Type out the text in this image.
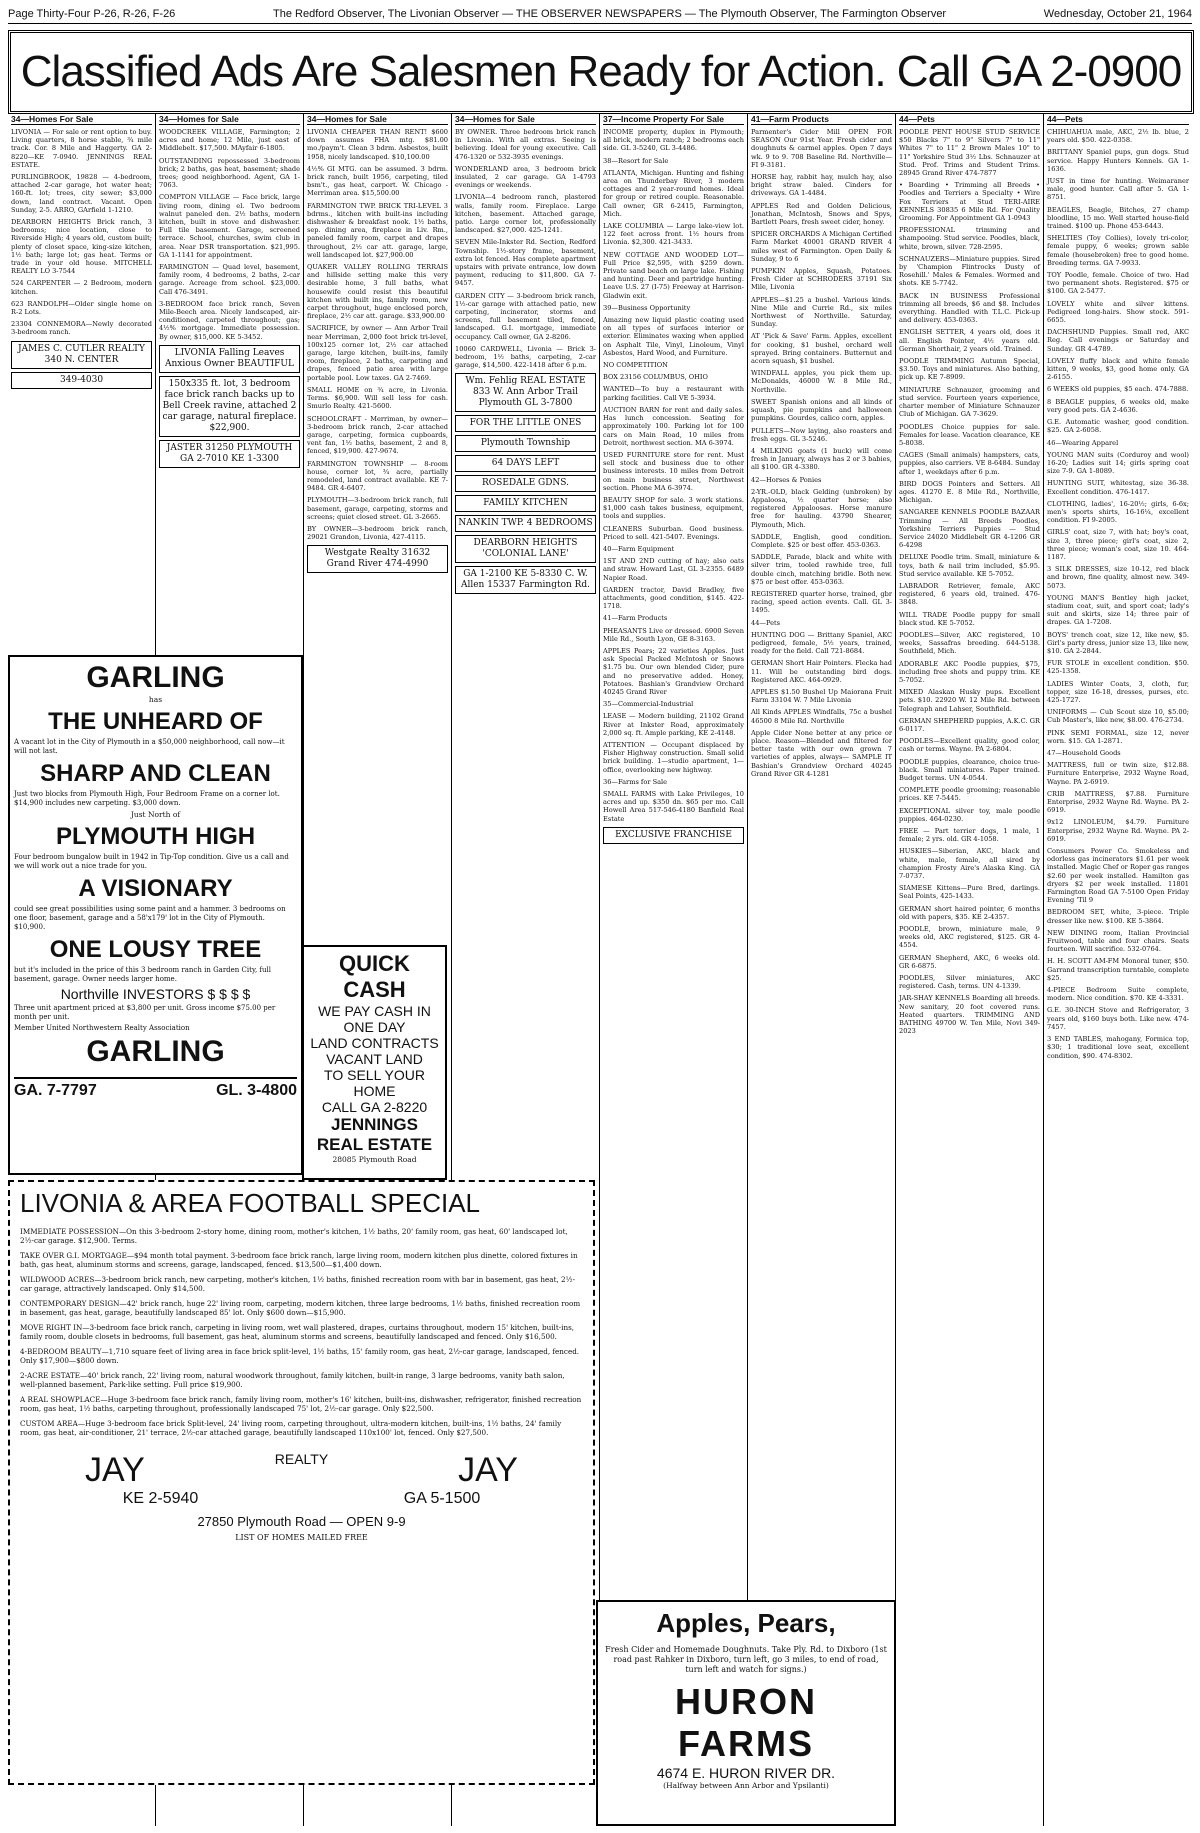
Page Thirty-Four P-26, R-26, F-26	The Redford Observer, The Livonian Observer — THE OBSERVER NEWSPAPERS — The Plymouth Observer, The Farmington Observer	Wednesday, October 21, 1964
Classified Ads Are Salesmen Ready for Action. Call GA 2-0900
34—Homes For Sale
LIVONIA — For sale or rent option to buy. Living quarters, 8 horse stable, ¾ mile track. Cor. 8 Mile and Haggerty. GA 2-8220—KE 7-0940. JENNINGS REAL ESTATE.
PURLINGBROOK, 19828 — 4-bedroom, attached 2-car garage, hot water heat; 160-ft. lot; trees, city sewer; $3,000 down, land contract. Vacant. Open Sunday, 2-5. ARRO, GArfield 1-1210.
DEARBORN HEIGHTS Brick ranch, 3 bedrooms; nice location, close to Riverside High; 4 years old, custom built; plenty of closet space, king-size kitchen, 1½ bath; large lot; gas heat. Terms or trade in your old house. MITCHELL REALTY LO 3-7544
524 CARPENTER — 2 Bedroom, modern kitchen.
623 RANDOLPH—Older single home on R-2 Lots.
23304 CONNEMORA—Newly decorated 3-bedroom ranch.
JAMES C. CUTLER REALTY 340 N. CENTER
349-4030
34—Homes for Sale
WOODCREEK VILLAGE, Farmington; 2 acres and home; 12 Mile, just east of Middlebelt. $17,500. MAyfair 6-1805.
OUTSTANDING repossessed 3-bedroom brick; 2 baths, gas heat, basement; shade trees; good neighborhood. Agent, GA 1-7063.
COMPTON VILLAGE — Face brick, large living room, dining el. Two bedroom walnut paneled den. 2½ baths, modern kitchen, built in stove and dishwasher. Full tile basement. Garage, screened terrace. School, churches, swim club in area. Near DSR transportation. $21,995. GA 1-1141 for appointment.
FARMINGTON — Quad level, basement, family room, 4 bedrooms, 2 baths, 2-car garage. Acreage from school. $23,000. Call 476-3491.
3-BEDROOM face brick ranch, Seven Mile-Beech area. Nicely landscaped, air-conditioned, carpeted throughout; gas; 4½% mortgage. Immediate possession. By owner, $15,000. KE 5-3452.
LIVONIA Falling Leaves Anxious Owner BEAUTIFUL
150x335 ft. lot, 3 bedroom face brick ranch backs up to Bell Creek ravine, attached 2 car garage, natural fireplace. $22,900.
JASTER 31250 PLYMOUTH GA 2-7010 KE 1-3300
34—Homes for Sale
LIVONIA CHEAPER THAN RENT! $600 down assumes FHA mtg. $81.00 mo./paym't. Clean 3 bdrm. Asbestos, built 1958, nicely landscaped. $10,100.00
4½% GI MTG. can be assumed. 3 bdrm. brick ranch, built 1956, carpeting, tiled bsm't., gas heat, carport. W. Chicago - Merriman area. $15,500.00
FARMINGTON TWP. BRICK TRI-LEVEL 3 bdrms., kitchen with built-ins including dishwasher & breakfast nook. 1½ baths, sep. dining area, fireplace in Liv. Rm., paneled family room, carpet and drapes throughout, 2½ car att. garage, large, well landscaped lot. $27,900.00
QUAKER VALLEY ROLLING TERRAIS and hillside setting make this very desirable home, 3 full baths, what housewife could resist this beautiful kitchen with built ins, family room, new carpet throughout, huge enclosed porch, fireplace, 2½ car att. garage. $33,900.00
SACRIFICE, by owner — Ann Arbor Trail near Merriman, 2,000 foot brick tri-level, 100x125 corner lot, 2½ car attached garage, large kitchen, built-ins, family room, fireplace, 2 baths, carpeting and drapes, fenced patio area with large portable pool. Low taxes. GA 2-7469.
SMALL HOME on ¾ acre, in Livonia. Terms. $6,900. Will sell less for cash. Smurlo Realty. 421-5600.
SCHOOLCRAFT - Merriman, by owner—3-bedroom brick ranch, 2-car attached garage, carpeting, formica cupboards, vent fan, 1½ baths, basement, 2 and 8, fenced, $19,900. 427-9674.
FARMINGTON TOWNSHIP — 8-room house, corner lot, ¾ acre, partially remodeled, land contract available. KE 7-9484. GR 4-6407.
PLYMOUTH—3-bedroom brick ranch, full basement, garage, carpeting, storms and screens; quiet closed street. GL 3-2665.
BY OWNER—3-bedroom brick ranch, 29021 Grandon, Livonia, 427-4115.
Westgate Realty 31632 Grand River 474-4990
34—Homes for Sale
BY OWNER. Three bedroom brick ranch in Livonia. With all extras. Seeing is believing. Ideal for young executive. Call 476-1320 or 532-3935 evenings.
WONDERLAND area, 3 bedroom brick insulated, 2 car garage. GA 1-4793 evenings or weekends.
LIVONIA—4 bedroom ranch, plastered walls, family room. Fireplace. Large kitchen, basement. Attached garage, patio. Large corner lot, professionally landscaped. $27,000. 425-1241.
SEVEN Mile-Inkster Rd. Section, Redford Township. 1½-story frame, basement, extra lot fenced. Has complete apartment upstairs with private entrance, low down payment, reducing to $11,800. GA 7-9457.
GARDEN CITY — 3-bedroom brick ranch, 1½-car garage with attached patio, new carpeting, incinerator, storms and screens, full basement tiled, fenced, landscaped. G.I. mortgage, immediate occupancy. Call owner, GA 2-8206.
10060 CARDWELL, Livonia — Brick 3-bedroom, 1½ baths, carpeting, 2-car garage, $14,500. 422-1418 after 6 p.m.
Wm. Fehlig REAL ESTATE 833 W. Ann Arbor Trail Plymouth GL 3-7800
FOR THE LITTLE ONES
Plymouth Township
64 DAYS LEFT
ROSEDALE GDNS.
FAMILY KITCHEN
NANKIN TWP. 4 BEDROOMS
DEARBORN HEIGHTS 'COLONIAL LANE'
GA 1-2100 KE 5-8330 C. W. Allen 15337 Farmington Rd.
37—Income Property For Sale
INCOME property, duplex in Plymouth; all brick, modern ranch; 2 bedrooms each side. GL 3-5240, GL 3-4486.
38—Resort for Sale
ATLANTA, Michigan. Hunting and fishing area on Thunderbay River, 3 modern cottages and 2 year-round homes. Ideal for group or retired couple. Reasonable. Call owner, GR 6-2415, Farmington, Mich.
LAKE COLUMBIA — Large lake-view lot. 122 feet across front. 1½ hours from Livonia. $2,300. 421-3433.
NEW COTTAGE AND WOODED LOT—Full Price $2,595, with $259 down. Private sand beach on large lake. Fishing and hunting. Deer and partridge hunting. Leave U.S. 27 (I-75) Freeway at Harrison-Gladwin exit.
39—Business Opportunity
Amazing new liquid plastic coating used on all types of surfaces interior or exterior. Eliminates waxing when applied on Asphalt Tile, Vinyl, Linoleum, Vinyl Asbestos, Hard Wood, and Furniture.
NO COMPETITION
BOX 23156 COLUMBUS, OHIO
WANTED—To buy a restaurant with parking facilities. Call VE 5-3934.
AUCTION BARN for rent and daily sales. Has lunch concession. Seating for approximately 100. Parking lot for 100 cars on Main Road, 10 miles from Detroit, northwest section. MA 6-3974.
USED FURNITURE store for rent. Must sell stock and business due to other business interests. 10 miles from Detroit on main business street, Northwest section. Phone MA 6-3974.
BEAUTY SHOP for sale. 3 work stations. $1,000 cash takes business, equipment, tools and supplies.
CLEANERS Suburban. Good business. Priced to sell. 421-5407. Evenings.
40—Farm Equipment
1ST AND 2ND cutting of hay; also oats and straw. Howard Last, GL 3-2355. 6489 Napier Road.
GARDEN tractor, David Bradley, five attachments, good condition, $145. 422-1718.
41—Farm Products
PHEASANTS Live or dressed. 6900 Seven Mile Rd., South Lyon, GE 8-3163.
APPLES Pears; 22 varieties Apples. Just ask Special Packed McIntosh or Snows $1.75 bu. Our own blended Cider, pure and no preservative added. Honey, Potatoes. Bashian's Grandview Orchard 40245 Grand River
35—Commercial-Industrial
LEASE — Modern building, 21102 Grand River at Inkster Road, approximately 2,000 sq. ft. Ample parking, KE 2-4148.
ATTENTION — Occupant displaced by Fisher Highway construction. Small solid brick building. 1—studio apartment, 1—office, overlooking new highway.
36—Farms for Sale
SMALL FARMS with Lake Privileges, 10 acres and up. $350 dn. $65 per mo. Call Howell Area 517-546-4180 Banfield Real Estate
EXCLUSIVE FRANCHISE
41—Farm Products
Parmenter's Cider Mill OPEN FOR SEASON Our 91st Year. Fresh cider and doughnuts & carmel apples. Open 7 days wk. 9 to 9. 708 Baseline Rd. Northville—FI 9-3181.
HORSE hay, rabbit hay, mulch hay, also bright straw baled. Cinders for driveways. GA 1-4484.
APPLES Red and Golden Delicious, Jonathan, McIntosh, Snows and Spys, Bartlett Pears, fresh sweet cider, honey.
SPICER ORCHARDS A Michigan Certified Farm Market 40001 GRAND RIVER 4 miles west of Farmington. Open Daily & Sunday, 9 to 6
PUMPKIN Apples, Squash, Potatoes. Fresh Cider at SCHRODERS 37191 Six Mile, Livonia
APPLES—$1.25 a bushel. Various kinds. Nine Mile and Currie Rd., six miles Northwest of Northville. Saturday, Sunday.
AT 'Pick & Save' Farm. Apples, excellent for cooking, $1 bushel, orchard well sprayed. Bring containers. Butternut and acorn squash, $1 bushel.
WINDFALL apples, you pick them up. McDonalds, 46000 W. 8 Mile Rd., Northville.
SWEET Spanish onions and all kinds of squash, pie pumpkins and halloween pumpkins. Gourdes, calico corn, apples.
PULLETS—Now laying, also roasters and fresh eggs. GL 3-5246.
4 MILKING goats (1 buck) will come fresh in January, always has 2 or 3 babies, all $100. GR 4-3380.
42—Horses & Ponies
2-YR.-OLD, black Gelding (unbroken) by Appaloosa, ½ quarter horse; also registered Appaloosas. Horse manure free for hauling. 43790 Shearer, Plymouth, Mich.
SADDLE, English, good condition. Complete. $25 or best offer. 453-0363.
SADDLE, Parade, black and white with silver trim, tooled rawhide tree, full double cinch, matching bridle. Both new. $75 or best offer. 453-0363.
REGISTERED quarter horse, trained, gbr racing, speed action events. Call. GL 3-1495.
44—Pets
HUNTING DOG — Brittany Spaniel, AKC pedigreed, female, 5½ years, trained, ready for the field. Call 721-8684.
GERMAN Short Hair Pointers. Flecka had 11. Will be outstanding bird dogs. Registered AKC. 464-0929.
APPLES $1.50 Bushel Up Maiorana Fruit Farm 33104 W. 7 Mile Livonia
All Kinds APPLES Windfalls, 75c a bushel 46500 8 Mile Rd. Northville
Apple Cider None better at any price or place. Reason—Blended and filtered for better taste with our own grown 7 varieties of apples, always— SAMPLE IT Bashian's Grandview Orchard 40245 Grand River GR 4-1281
44—Pets
POODLE PENT HOUSE STUD SERVICE $50 Blacks 7" to 9" Silvers 7" to 11" Whites 7" to 11" 2 Brown Males 10" to 11" Yorkshire Stud 3½ Lbs. Schnauzer at Stud. Prof. Trims and Student Trims. 28945 Grand River 474-7877
• Boarding • Trimming all Breeds • Poodles and Terriers a Specialty • Wire Fox Terriers at Stud TERI-AIRE KENNELS 30835 6 Mile Rd. For Quality Grooming. For Appointment GA 1-0943
PROFESSIONAL trimming and shampooing. Stud service. Poodles, black, white, brown, silver. 728-2595.
SCHNAUZERS—Miniature puppies. Sired by 'Champion Flintrocks Dusty of Rosehill.' Males & Females. Wormed and shots. KE 5-7742.
BACK IN BUSINESS Professional trimming all breeds, $6 and $8. Includes everything. Handled with T.L.C. Pick-up and delivery. 453-0363.
ENGLISH SETTER, 4 years old, does it all. English Pointer, 4½ years old. German Shorthair, 2 years old. Trained.
POODLE TRIMMING Autumn Special, $3.50. Toys and miniatures. Also bathing, pick up. KE 7-8909.
MINIATURE Schnauzer, grooming and stud service. Fourteen years experience, charter member of Miniature Schnauzer Club of Michigan. GA 7-3629.
POODLES Choice puppies for sale. Females for lease. Vacation clearance, KE 5-8038.
CAGES (Small animals) hampsters, cats, puppies, also carriers. VE 8-6484. Sunday after 1, weekdays after 6 p.m.
BIRD DOGS Pointers and Setters. All ages. 41270 E. 8 Mile Rd., Northville, Michigan.
SANGAREE KENNELS POODLE BAZAAR Trimming — All Breeds Poodles, Yorkshire Terriers Puppies — Stud Service 24020 Middlebelt GR 4-1206 GR 6-4298
DELUXE Poodle trim. Small, miniature & toys, bath & nail trim included, $5.95. Stud service available. KE 5-7052.
LABRADOR Retriever, female, AKC registered, 6 years old, trained. 476-3848.
WILL TRADE Poodle puppy for small black stud. KE 5-7052.
POODLES—Silver, AKC registered, 10 weeks, Sassafras breeding. 644-5138. Southfield, Mich.
ADORABLE AKC Poodle puppies, $75, including free shots and puppy trim. KE 5-7052.
MIXED Alaskan Husky pups. Excellent pets. $10. 22920 W. 12 Mile Rd. between Telegraph and Lahser, Southfield.
GERMAN SHEPHERD puppies, A.K.C. GR 6-0117.
POODLES—Excellent quality, good color, cash or terms. Wayne. PA 2-6804.
POODLE puppies, clearance, choice true-black. Small miniatures. Paper trained. Budget terms. UN 4-0544.
COMPLETE poodle grooming; reasonable prices. KE 7-5445.
EXCEPTIONAL silver toy, male poodle puppies. 464-0230.
FREE — Part terrier dogs, 1 male, 1 female; 2 yrs. old. GR 4-1058.
HUSKIES—Siberian, AKC, black and white, male, female, all sired by champion Frosty Aire's Alaska King. GA 7-0737.
SIAMESE Kittens—Pure Bred, darlings. Seal Points, 425-1433.
GERMAN short haired pointer, 6 months old with papers, $35. KE 2-4357.
POODLE, brown, miniature male, 9 weeks old, AKC registered, $125. GR 4-4554.
GERMAN Shepherd, AKC, 6 weeks old. GR 6-6875.
POODLES, Silver miniatures, AKC registered. Cash, terms. UN 4-1339.
JAR-SHAY KENNELS Boarding all breeds. New sanitary, 20 foot covered runs. Heated quarters. TRIMMING AND BATHING 49700 W. Ten Mile, Novi 349-2023
44—Pets
CHIHUAHUA male, AKC, 2½ lb. blue, 2 years old. $50. 422-0358.
BRITTANY Spaniel pups, gun dogs. Stud service. Happy Hunters Kennels. GA 1-1636.
JUST in time for hunting. Weimaraner male, good hunter. Call after 5. GA 1-8751.
BEAGLES, Beagle, Bitches, 27 champ bloodline, 15 mo. Well started house-field trained. $100 up. Phone 453-6443.
SHELTIES (Toy Collies), lovely tri-color, female puppy, 6 weeks; grown sable female (housebroken) free to good home. Breeding terms. GA 7-9933.
TOY Poodle, female. Choice of two. Had two permanent shots. Registered. $75 or $100. GA 2-5477.
LOVELY white and silver kittens. Pedigreed long-hairs. Show stock. 591-6655.
DACHSHUND Puppies. Small red, AKC Reg. Call evenings or Saturday and Sunday. GR 4-4789.
LOVELY fluffy black and white female kitten, 9 weeks, $3, good home only. GA 2-6155.
6 WEEKS old puppies, $5 each. 474-7888.
8 BEAGLE puppies, 6 weeks old, make very good pets. GA 2-4636.
G.E. Automatic washer, good condition. $25. GA 2-6058.
46—Wearing Apparel
YOUNG MAN suits (Corduroy and wool) 16-20; Ladies suit 14; girls spring coat size 7-9. GA 1-8089.
HUNTING SUIT, whitestag, size 36-38. Excellent condition. 476-1417.
CLOTHING, ladies', 16-20½; girls, 6-6x; men's sports shirts, 16-16¼, excellent condition. FI 9-2005.
GIRLS' coat, size 7, with hat; boy's coat, size 3, three piece; girl's coat, size 2, three piece; woman's coat, size 10. 464-1187.
3 SILK DRESSES, size 10-12, red black and brown, fine quality, almost new. 349-5073.
YOUNG MAN'S Bentley high jacket, stadium coat, suit, and sport coat; lady's suit and skirts, size 14; three pair of drapes. GA 1-7208.
BOYS' trench coat, size 12, like new, $5. Girl's party dress, junior size 13, like new, $10. GA 2-2844.
FUR STOLE in excellent condition. $50. 425-1358.
LADIES Winter Coats, 3, cloth, fur, topper, size 16-18, dresses, purses, etc. 425-1727.
UNIFORMS — Cub Scout size 10, $5.00; Cub Master's, like new, $8.00. 476-2734.
PINK SEMI FORMAL, size 12, never worn. $15. GA 1-2871.
47—Household Goods
MATTRESS, full or twin size, $12.88. Furniture Enterprise, 2932 Wayne Road, Wayne. PA 2-6919.
CRIB MATTRESS, $7.88. Furniture Enterprise, 2932 Wayne Rd. Wayne. PA 2-6919.
9x12 LINOLEUM, $4.79. Furniture Enterprise, 2932 Wayne Rd. Wayne. PA 2-6919.
Consumers Power Co. Smokeless and odorless gas incinerators $1.61 per week installed. Magic Chef or Roper gas ranges $2.60 per week installed. Hamilton gas dryers $2 per week installed. 11801 Farmington Road GA 7-5100 Open Friday Evening 'Til 9
BEDROOM SET, white, 3-piece. Triple dresser like new. $100. KE 5-3864.
NEW DINING room, Italian Provincial Fruitwood, table and four chairs. Seats fourteen. Will sacrifice. 532-0764.
H. H. SCOTT AM-FM Monoral tuner, $50. Garrand transcription turntable, complete $25.
4-PIECE Bedroom Suite complete, modern. Nice condition. $70. KE 4-3331.
G.E. 30-INCH Stove and Refrigerator, 3 years old, $160 buys both. Like new. 474-7457.
3 END TABLES, mahogany, Formica top, $30; 1 traditional love seat, excellent condition, $90. 474-8302.
GARLING
has
THE UNHEARD OF

A vacant lot in the City of Plymouth in a $50,000 neighborhood, call now—it will not last.

SHARP AND CLEAN

Just two blocks from Plymouth High, Four Bedroom Frame on a corner lot. $14,900 includes new carpeting. $3,000 down.

Just North of
PLYMOUTH HIGH

Four bedroom bungalow built in 1942 in Tip-Top condition. Give us a call and we will work out a nice trade for you.

A VISIONARY

could see great possibilities using some paint and a hammer. 3 bedrooms on one floor, basement, garage and a 58'x179' lot in the City of Plymouth. $10,900.

ONE LOUSY TREE

but it's included in the price of this 3 bedroom ranch in Garden City, full basement, garage. Owner needs larger home.

Northville INVESTORS $ $ $ $

Three unit apartment priced at $3,800 per unit. Gross income $75.00 per month per unit.

Member United Northwestern Realty Association

GARLING
GA. 7-7797	GL. 3-4800
QUICK CASH
WE PAY CASH IN ONE DAY
LAND CONTRACTS VACANT LAND
TO SELL YOUR HOME
CALL GA 2-8220
JENNINGS REAL ESTATE
28085 Plymouth Road
LIVONIA & AREA FOOTBALL SPECIAL

IMMEDIATE POSSESSION—On this 3-bedroom 2-story home, dining room, mother's kitchen, 1½ baths, 20' family room, gas heat, 60' landscaped lot, 2½-car garage. $12,900. Terms.

TAKE OVER G.I. MORTGAGE—$94 month total payment. 3-bedroom face brick ranch, large living room, modern kitchen plus dinette, colored fixtures in bath, gas heat, aluminum storms and screens, garage, landscaped, fenced. $13,500—$1,400 down.

WILDWOOD ACRES—3-bedroom brick ranch, new carpeting, mother's kitchen, 1½ baths, finished recreation room with bar in basement, gas heat, 2½-car garage, attractively landscaped. Only $14,500.

CONTEMPORARY DESIGN—42' brick ranch, huge 22' living room, carpeting, modern kitchen, three large bedrooms, 1½ baths, finished recreation room in basement, gas heat, garage, beautifully landscaped 85' lot. Only $600 down—$15,900.

MOVE RIGHT IN—3-bedroom face brick ranch, carpeting in living room, wet wall plastered, drapes, curtains throughout, modern 15' kitchen, built-ins, family room, double closets in bedrooms, full basement, gas heat, aluminum storms and screens, beautifully landscaped and fenced. Only $16,500.

4-BEDROOM BEAUTY—1,710 square feet of living area in face brick split-level, 1½ baths, 15' family room, gas heat, 2½-car garage, landscaped, fenced. Only $17,900—$800 down.

2-ACRE ESTATE—40' brick ranch, 22' living room, natural woodwork throughout, family kitchen, built-in range, 3 large bedrooms, vanity bath salon, well-planned basement, Park-like setting. Full price $19,900.

A REAL SHOWPLACE—Huge 3-bedroom face brick ranch, family living room, mother's 16' kitchen, built-ins, dishwasher, refrigerator, finished recreation room, gas heat, 1½ baths, carpeting throughout, professionally landscaped 75' lot, 2½-car garage. Only $22,500.

CUSTOM AREA—Huge 3-bedroom face brick Split-level, 24' living room, carpeting throughout, ultra-modern kitchen, built-ins, 1½ baths, 24' family room, gas heat, air-conditioner, 21' terrace, 2½-car attached garage, beautifully landscaped 110x100' lot, fenced. Only $27,500.

JAY	REALTY	JAY
KE 2-5940	GA 5-1500
27850 Plymouth Road — OPEN 9-9
LIST OF HOMES MAILED FREE
Apples, Pears,
Fresh Cider and Homemade Doughnuts. Take Ply. Rd. to Dixboro (1st road past Rahker in Dixboro, turn left, go 3 miles, to end of road, turn left and watch for signs.)
HURON FARMS
4674 E. HURON RIVER DR.
(Halfway between Ann Arbor and Ypsilanti)
